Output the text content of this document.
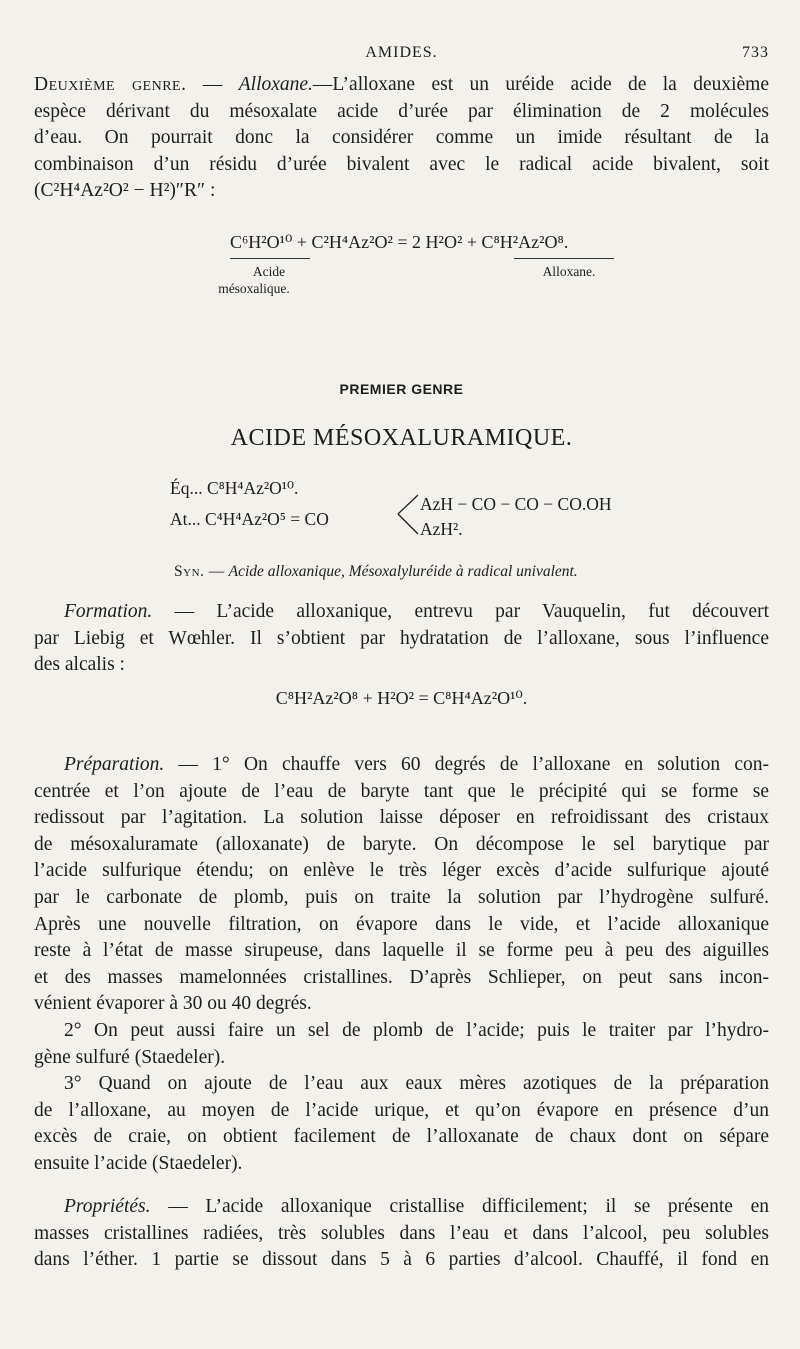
AMIDES.	733
Deuxième genre. — Alloxane.—L’alloxane est un uréide acide de la deuxième
espèce dérivant du mésoxalate acide d’urée par élimination de 2 molécules
d’eau. On pourrait donc la considérer comme un imide résultant de la
combinaison d’un résidu d’urée bivalent avec le radical acide bivalent, soit
(C²H⁴Az²O² − H²)″R″ :
C⁶H²O¹⁰ + C²H⁴Az²O² = 2 H²O² + C⁸H²Az²O⁸.
Acide
mésoxalique.
Alloxane.
PREMIER GENRE
ACIDE MÉSOXALURAMIQUE.
Éq... C⁸H⁴Az²O¹⁰.
At... C⁴H⁴Az²O⁵ = CO
AzH − CO − CO − CO.OH
AzH².
Syn. — Acide alloxanique, Mésoxalyluréide à radical univalent.
Formation. — L’acide alloxanique, entrevu par Vauquelin, fut découvert
par Liebig et Wœhler. Il s’obtient par hydratation de l’alloxane, sous l’influence
des alcalis :
C⁸H²Az²O⁸ + H²O² = C⁸H⁴Az²O¹⁰.
Préparation. — 1° On chauffe vers 60 degrés de l’alloxane en solution con-
centrée et l’on ajoute de l’eau de baryte tant que le précipité qui se forme se
redissout par l’agitation. La solution laisse déposer en refroidissant des cristaux
de mésoxaluramate (alloxanate) de baryte. On décompose le sel barytique par
l’acide sulfurique étendu; on enlève le très léger excès d’acide sulfurique ajouté
par le carbonate de plomb, puis on traite la solution par l’hydrogène sulfuré.
Après une nouvelle filtration, on évapore dans le vide, et l’acide alloxanique
reste à l’état de masse sirupeuse, dans laquelle il se forme peu à peu des aiguilles
et des masses mamelonnées cristallines. D’après Schlieper, on peut sans incon-
vénient évaporer à 30 ou 40 degrés.
2° On peut aussi faire un sel de plomb de l’acide; puis le traiter par l’hydro-
gène sulfuré (Staedeler).
3° Quand on ajoute de l’eau aux eaux mères azotiques de la préparation
de l’alloxane, au moyen de l’acide urique, et qu’on évapore en présence d’un
excès de craie, on obtient facilement de l’alloxanate de chaux dont on sépare
ensuite l’acide (Staedeler).
Propriétés. — L’acide alloxanique cristallise difficilement; il se présente en
masses cristallines radiées, très solubles dans l’eau et dans l’alcool, peu solubles
dans l’éther. 1 partie se dissout dans 5 à 6 parties d’alcool. Chauffé, il fond en
